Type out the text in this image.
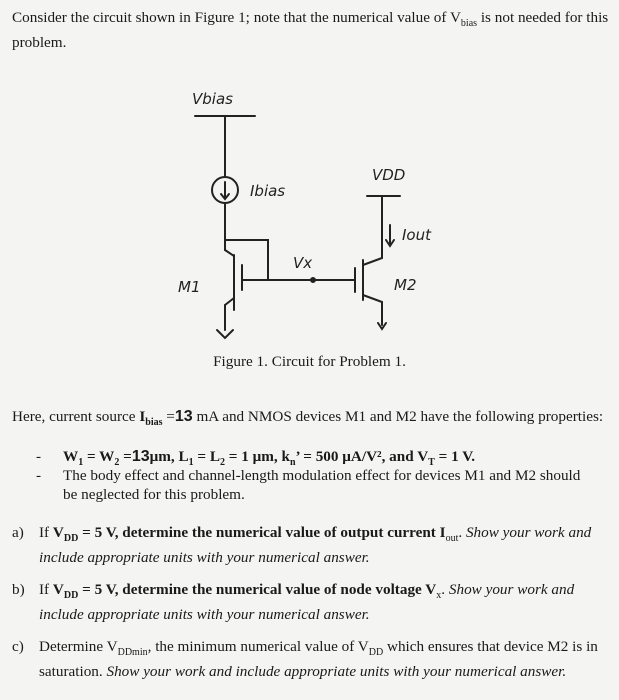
Consider the circuit shown in Figure 1; note that the numerical value of $V_{bias}$ is not needed for this problem.

Vbias
Ibias
Vx
M1
VDD
Iout
M2
Figure 1. Circuit for Problem 1.

Here, current source $I_{bias} =13$ mA and NMOS devices M1 and M2 have the following properties:

- $W_1 = W_2 =13\mu m$, $L_1 = L_2 = 1$ μm, $k_n$’ = 500 μA/V², and $V_T = 1$ V.
- The body effect and channel-length modulation effect for devices M1 and M2 should be neglected for this problem.
a) If $V_{DD} = 5$ V, determine the numerical value of output current $I_{out}$. Show your work and include appropriate units with your numerical answer.
b) If $V_{DD} = 5$ V, determine the numerical value of node voltage $V_x$. Show your work and include appropriate units with your numerical answer.
c) Determine $V_{DDmin}$, the minimum numerical value of $V_{DD}$ which ensures that device M2 is in saturation. Show your work and include appropriate units with your numerical answer.
